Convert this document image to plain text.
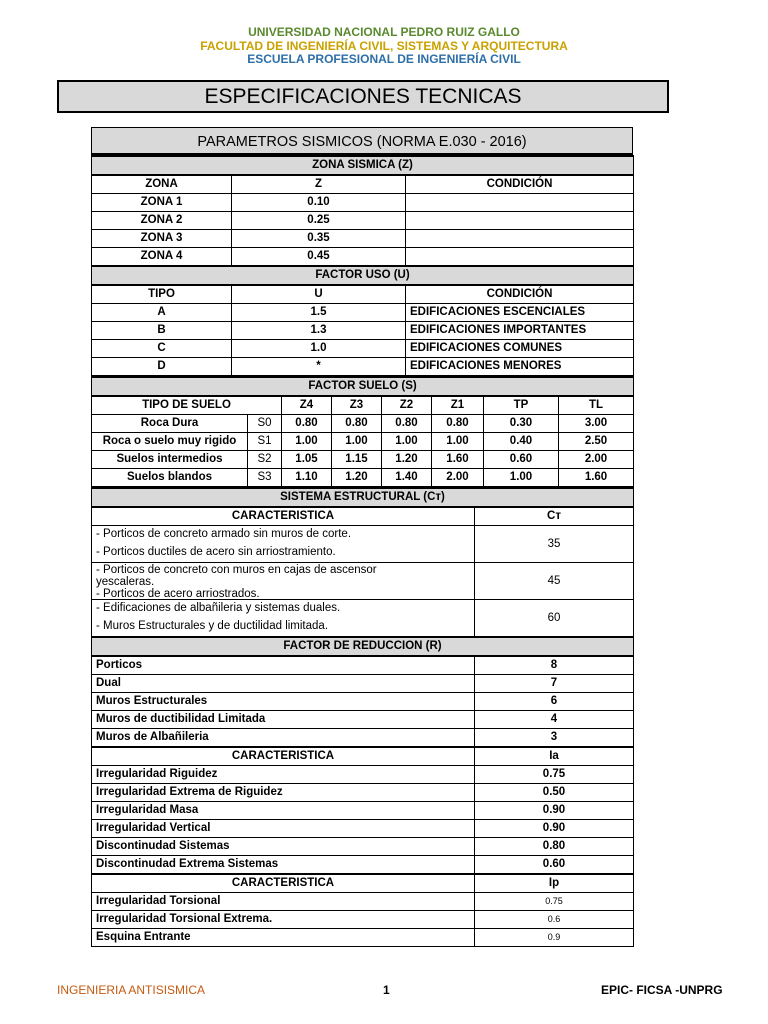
UNIVERSIDAD NACIONAL PEDRO RUIZ GALLO
FACULTAD DE INGENIERÍA CIVIL, SISTEMAS Y ARQUITECTURA
ESCUELA PROFESIONAL DE INGENIERÍA CIVIL
ESPECIFICACIONES TECNICAS
PARAMETROS SISMICOS (NORMA E.030 - 2016)
ZONA SISMICA (Z)		
ZONA	Z	CONDICIÓN
ZONA 1	0.10	
ZONA 2	0.25	
ZONA 3	0.35	
ZONA 4	0.45	
FACTOR USO (U)		
TIPO	U	CONDICIÓN
A	1.5	EDIFICACIONES ESCENCIALES
B	1.3	EDIFICACIONES IMPORTANTES
C	1.0	EDIFICACIONES COMUNES
D	*	EDIFICACIONES MENORES
FACTOR SUELO (S)							
TIPO DE SUELO		Z4	Z3	Z2	Z1	TP	TL
Roca Dura	S0	0.80	0.80	0.80	0.80	0.30	3.00
Roca o suelo muy rigido	S1	1.00	1.00	1.00	1.00	0.40	2.50
Suelos intermedios	S2	1.05	1.15	1.20	1.60	0.60	2.00
Suelos blandos	S3	1.10	1.20	1.40	2.00	1.00	1.60
SISTEMA ESTRUCTURAL (Cт)	
CARACTERISTICA	Cт

- Porticos de concreto armado sin muros de corte.
- Porticos ductiles de acero sin arriostramiento.	35

- Porticos de concreto con muros en cajas de ascensor
yescaleras.
- Porticos de acero arriostrados.	45

- Edificaciones de albañileria y sistemas duales.
- Muros Estructurales y de ductilidad limitada.	60
FACTOR DE REDUCCION (R)	
Porticos	8
Dual	7
Muros Estructurales	6
Muros de ductibilidad Limitada	4
Muros de Albañileria	3
CARACTERISTICA	Ia
Irregularidad Riguidez	0.75
Irregularidad Extrema de Riguidez	0.50
Irregularidad Masa	0.90
Irregularidad Vertical	0.90
Discontinudad Sistemas	0.80
Discontinudad Extrema Sistemas	0.60
CARACTERISTICA	Ip
Irregularidad Torsional	0.75
Irregularidad Torsional Extrema.	0.6
Esquina Entrante	0.9
INGENIERIA ANTISISMICA	1	EPIC- FICSA -UNPRG
